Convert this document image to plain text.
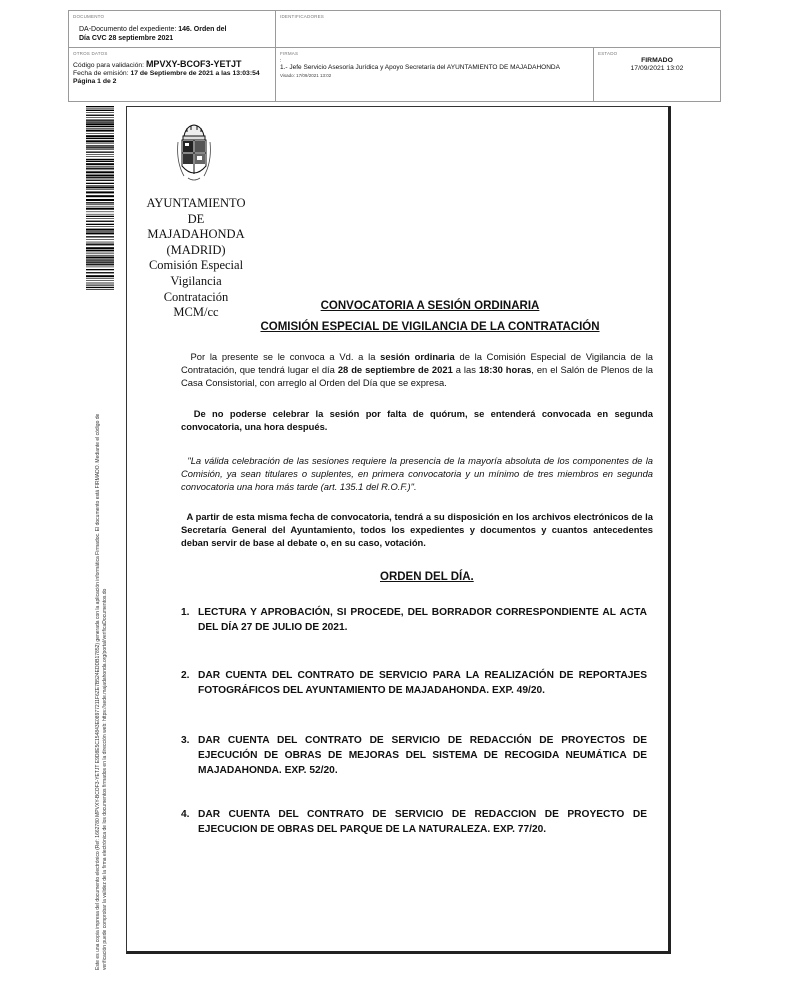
DOCUMENTO
DA-Documento del expediente: 146. Orden del
Día CVC 28 septiembre 2021
IDENTIFICADORES
OTROS DATOS
Código para validación: MPVXY-BCOF3-YETJT
Fecha de emisión: 17 de Septiembre de 2021 a las 13:03:54
Página 1 de 2
FIRMAS
:
1.- Jefe Servicio Asesoría Jurídica y Apoyo Secretaría del AYUNTAMIENTO DE MAJADAHONDA
Visado: 17/09/2021 13:02
ESTADO
FIRMADO
17/09/2021 13:02
Este es una copia impresa del documento electrónico (Ref: 1662780 MPVXY-BCOF3-YETJT E9D8E5C154843E08977211F6ZE7B524EDDB17852) generada con la aplicación informática Firmadoc. El documento está FIRMADO. Mediante el código de verificación puede comprobar la validez de la firma electrónica de los documentos firmados en la dirección web: https://sede.majadahonda.org/portal/verificaDocumentos.do
AYUNTAMIENTO DE
MAJADAHONDA
(MADRID)
Comisión Especial
Vigilancia Contratación
MCM/cc	CONVOCATORIA A SESIÓN ORDINARIA
COMISIÓN ESPECIAL DE VIGILANCIA DE LA CONTRATACIÓN
Por la presente se le convoca a Vd. a la sesión ordinaria de la Comisión Especial de Vigilancia de la Contratación, que tendrá lugar el día 28 de septiembre de 2021 a las 18:30 horas, en el Salón de Plenos de la Casa Consistorial, con arreglo al Orden del Día que se expresa.
De no poderse celebrar la sesión por falta de quórum, se entenderá convocada en segunda convocatoria, una hora después.
"La válida celebración de las sesiones requiere la presencia de la mayoría absoluta de los componentes de la Comisión, ya sean titulares o suplentes, en primera convocatoria y un mínimo de tres miembros en segunda convocatoria una hora más tarde (art. 135.1 del R.O.F.)".
A partir de esta misma fecha de convocatoria, tendrá a su disposición en los archivos electrónicos de la Secretaría General del Ayuntamiento, todos los expedientes y documentos y cuantos antecedentes deban servir de base al debate o, en su caso, votación.
ORDEN DEL DÍA.
1. LECTURA Y APROBACIÓN, SI PROCEDE, DEL BORRADOR CORRESPONDIENTE AL ACTA DEL DÍA 27 DE JULIO DE 2021.
2. DAR CUENTA DEL CONTRATO DE SERVICIO PARA LA REALIZACIÓN DE REPORTAJES FOTOGRÁFICOS DEL AYUNTAMIENTO DE MAJADAHONDA. EXP. 49/20.
3. DAR CUENTA DEL CONTRATO DE SERVICIO DE REDACCIÓN DE PROYECTOS DE EJECUCIÓN DE OBRAS DE MEJORAS DEL SISTEMA DE RECOGIDA NEUMÁTICA DE MAJADAHONDA. EXP. 52/20.
4. DAR CUENTA DEL CONTRATO DE SERVICIO DE REDACCION DE PROYECTO DE EJECUCION DE OBRAS DEL PARQUE DE LA NATURALEZA. EXP. 77/20.
